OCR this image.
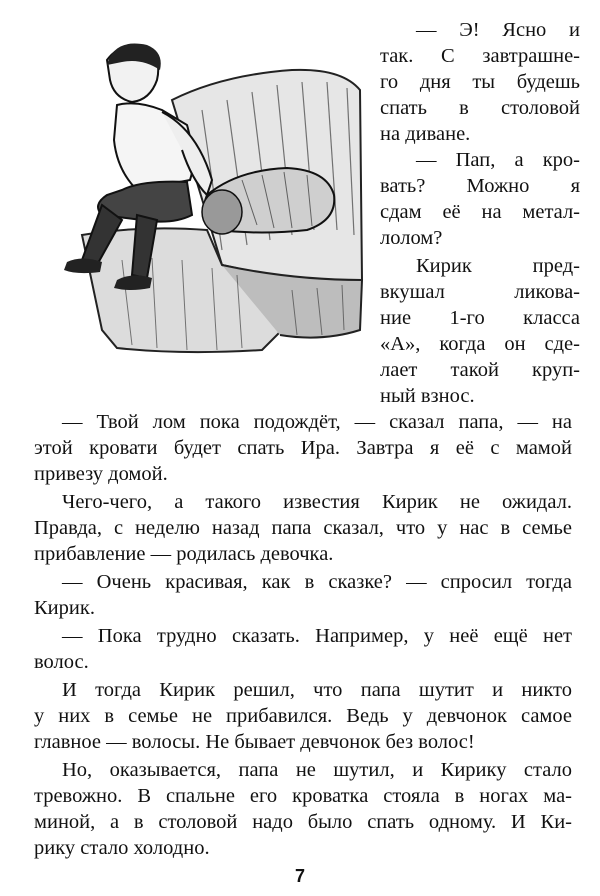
— Э! Ясно и
так. С завтрашне-
го дня ты будешь
спать в столовой
на диване.
— Пап, а кро-
вать? Можно я
сдам её на метал-
лолом?
Кирик пред-
вкушал ликова-
ние 1-го класса
«А», когда он сде-
лает такой круп-
ный взнос.
— Твой лом пока подождёт, — сказал папа, — на
этой кровати будет спать Ира. Завтра я её с мамой
привезу домой.
Чего-чего, а такого известия Кирик не ожидал.
Правда, с неделю назад папа сказал, что у нас в семье
прибавление — родилась девочка.
— Очень красивая, как в сказке? — спросил тогда
Кирик.
— Пока трудно сказать. Например, у неё ещё нет
волос.
И тогда Кирик решил, что папа шутит и никто
у них в семье не прибавился. Ведь у девчонок самое
главное — волосы. Не бывает девчонок без волос!
Но, оказывается, папа не шутил, и Кирику стало
тревожно. В спальне его кроватка стояла в ногах ма-
миной, а в столовой надо было спать одному. И Ки-
рику стало холодно.
7
